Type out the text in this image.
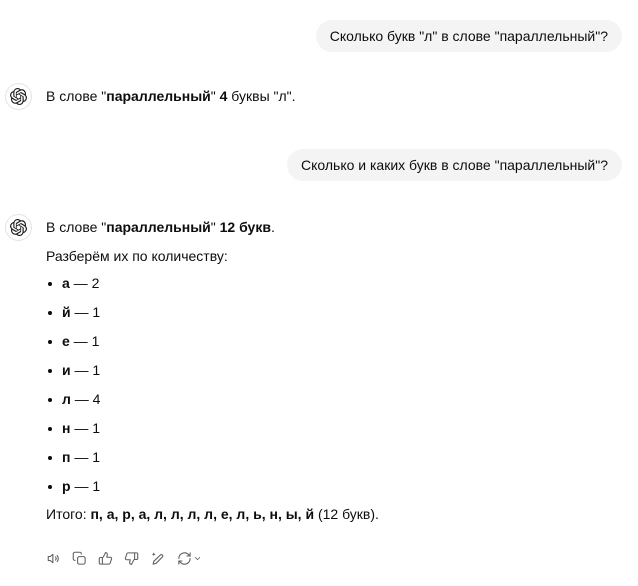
Сколько букв "л" в слове "параллельный"?

В слове "параллельный" 4 буквы "л".

Сколько и каких букв в слове "параллельный"?

В слове "параллельный" 12 букв.

Разберём их по количеству:

а — 2
й — 1
е — 1
и — 1
л — 4
н — 1
п — 1
р — 1

Итого: п, а, р, а, л, л, л, л, е, л, ь, н, ы, й (12 букв).
